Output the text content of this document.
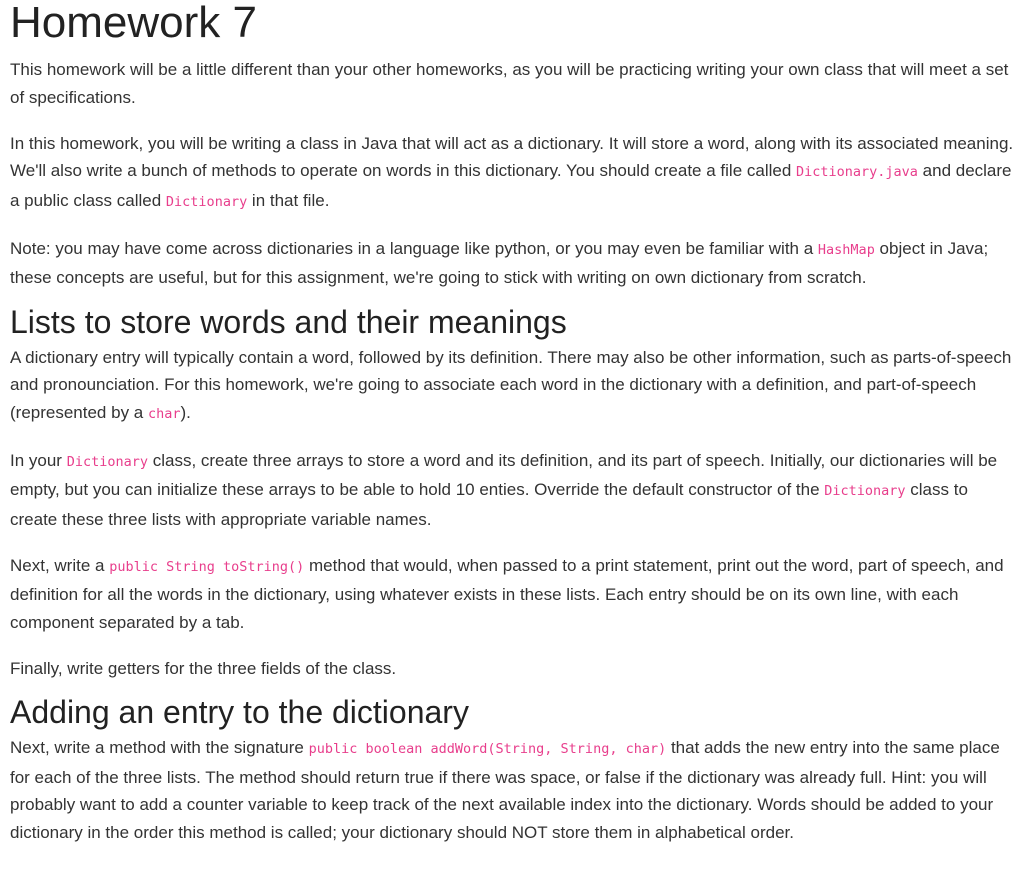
Homework 7

This homework will be a little different than your other homeworks, as you will be practicing writing your own class that will meet a set of specifications.

In this homework, you will be writing a class in Java that will act as a dictionary. It will store a word, along with its associated meaning. We'll also write a bunch of methods to operate on words in this dictionary. You should create a file called Dictionary.java and declare a public class called Dictionary in that file.

Note: you may have come across dictionaries in a language like python, or you may even be familiar with a HashMap object in Java; these concepts are useful, but for this assignment, we're going to stick with writing on own dictionary from scratch.

Lists to store words and their meanings

A dictionary entry will typically contain a word, followed by its definition. There may also be other information, such as parts-of-speech and pronounciation. For this homework, we're going to associate each word in the dictionary with a definition, and part-of-speech (represented by a char).

In your Dictionary class, create three arrays to store a word and its definition, and its part of speech. Initially, our dictionaries will be empty, but you can initialize these arrays to be able to hold 10 enties. Override the default constructor of the Dictionary class to create these three lists with appropriate variable names.

Next, write a public String toString() method that would, when passed to a print statement, print out the word, part of speech, and definition for all the words in the dictionary, using whatever exists in these lists. Each entry should be on its own line, with each component separated by a tab.

Finally, write getters for the three fields of the class.

Adding an entry to the dictionary

Next, write a method with the signature public boolean addWord(String, String, char) that adds the new entry into the same place for each of the three lists. The method should return true if there was space, or false if the dictionary was already full. Hint: you will probably want to add a counter variable to keep track of the next available index into the dictionary. Words should be added to your dictionary in the order this method is called; your dictionary should NOT store them in alphabetical order.
